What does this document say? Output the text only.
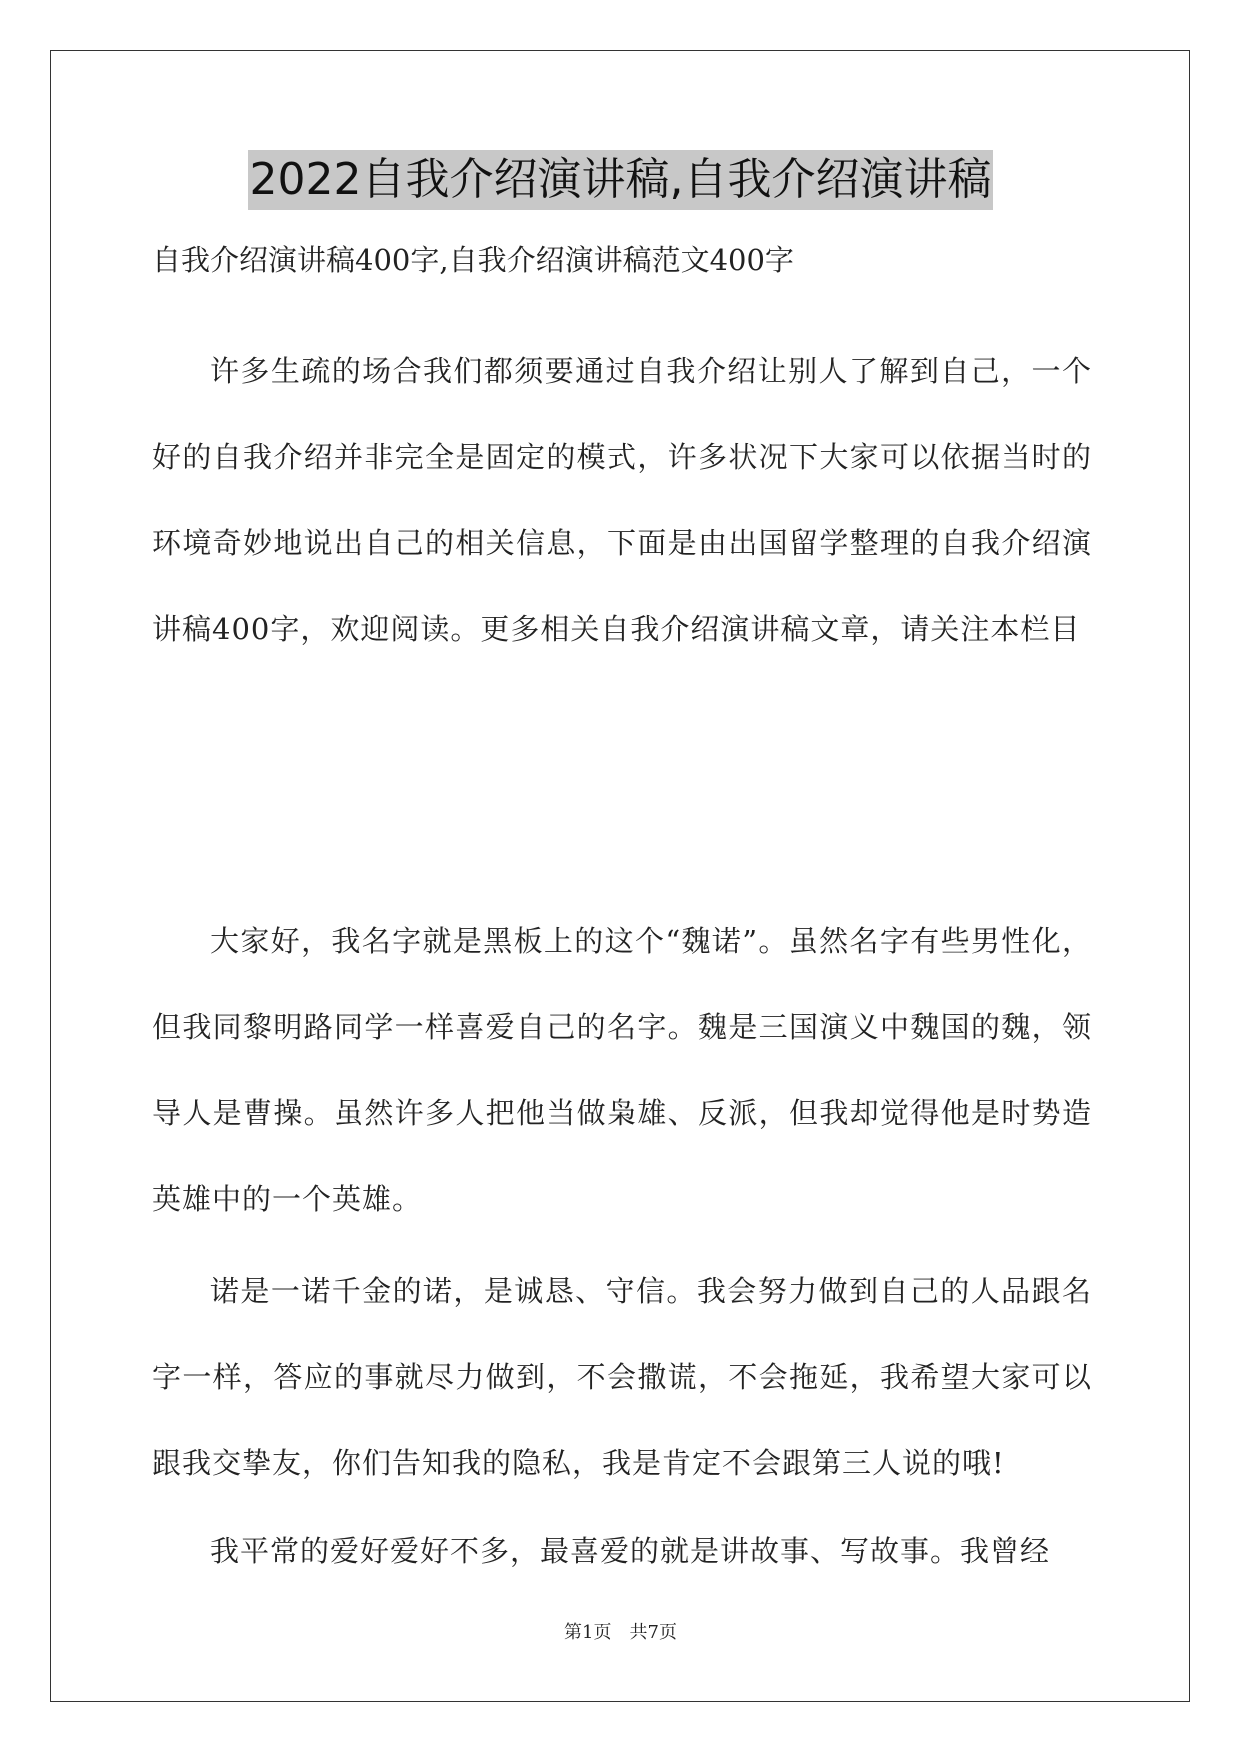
2022自我介绍演讲稿,自我介绍演讲稿
自我介绍演讲稿400字,自我介绍演讲稿范文400字

许多生疏的场合我们都须要通过自我介绍让别人了解到自己，一个好的自我介绍并非完全是固定的模式，许多状况下大家可以依据当时的环境奇妙地说出自己的相关信息，下面是由出国留学整理的自我介绍演讲稿400字，欢迎阅读。更多相关自我介绍演讲稿文章，请关注本栏目

大家好，我名字就是黑板上的这个“魏诺”。虽然名字有些男性化，但我同黎明路同学一样喜爱自己的名字。魏是三国演义中魏国的魏，领导人是曹操。虽然许多人把他当做枭雄、反派，但我却觉得他是时势造英雄中的一个英雄。

诺是一诺千金的诺，是诚恳、守信。我会努力做到自己的人品跟名字一样，答应的事就尽力做到，不会撒谎，不会拖延，我希望大家可以跟我交挚友，你们告知我的隐私，我是肯定不会跟第三人说的哦!

我平常的爱好爱好不多，最喜爱的就是讲故事、写故事。我曾经

第1页 共7页
